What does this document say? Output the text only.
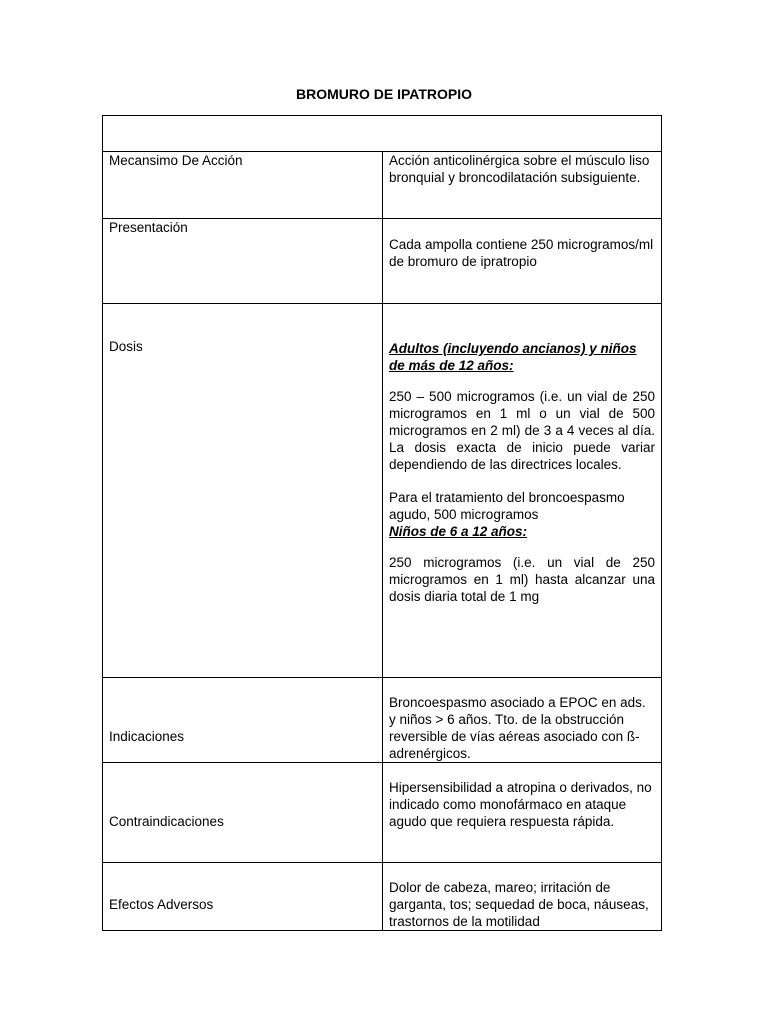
BROMURO DE IPATROPIO

Mecansimo De Acción	Acción anticolinérgica sobre el músculo liso bronquial y broncodilatación subsiguiente.
Presentación	Cada ampolla contiene 250 microgramos/ml de bromuro de ipratropio

Dosis	Adultos (incluyendo ancianos) y niños de más de 12 años:

250 – 500 microgramos (i.e. un vial de 250 microgramos en 1 ml o un vial de 500 microgramos en 2 ml) de 3 a 4 veces al día. La dosis exacta de inicio puede variar dependiendo de las directrices locales.

Para el tratamiento del broncoespasmo agudo, 500 microgramos

Niños de 6 a 12 años:

250 microgramos (i.e. un vial de 250 microgramos en 1 ml) hasta alcanzar una dosis diaria total de 1 mg

Indicaciones	Broncoespasmo asociado a EPOC en ads. y niños > 6 años. Tto. de la obstrucción reversible de vías aéreas asociado con ß-adrenérgicos.

Contraindicaciones	Hipersensibilidad a atropina o derivados, no indicado como monofármaco en ataque agudo que requiera respuesta rápida.

Efectos Adversos	Dolor de cabeza, mareo; irritación de garganta, tos; sequedad de boca, náuseas, trastornos de la motilidad
